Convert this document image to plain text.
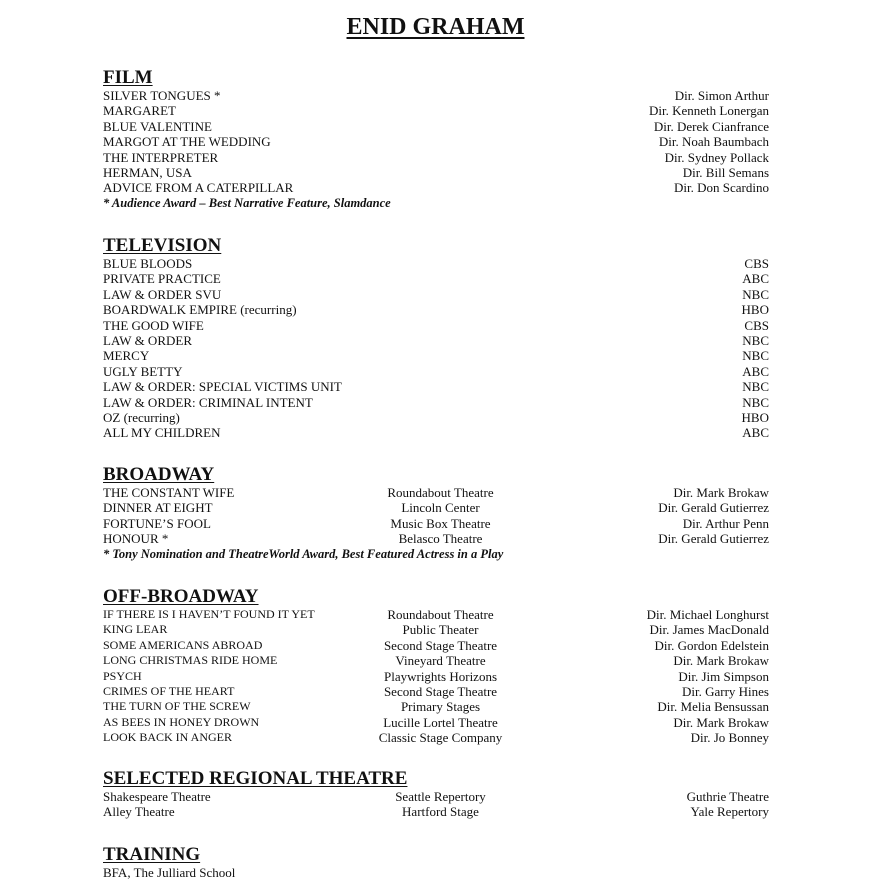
ENID GRAHAM
FILM
SILVER TONGUES *	Dir. Simon Arthur
MARGARET	Dir. Kenneth Lonergan
BLUE VALENTINE	Dir. Derek Cianfrance
MARGOT AT THE WEDDING	Dir. Noah Baumbach
THE INTERPRETER	Dir. Sydney Pollack
HERMAN, USA	Dir. Bill Semans
ADVICE FROM A CATERPILLAR	Dir. Don Scardino
* Audience Award – Best Narrative Feature, Slamdance
TELEVISION
BLUE BLOODS	CBS
PRIVATE PRACTICE	ABC
LAW & ORDER SVU	NBC
BOARDWALK EMPIRE (recurring)	HBO
THE GOOD WIFE	CBS
LAW & ORDER	NBC
MERCY	NBC
UGLY BETTY	ABC
LAW & ORDER: SPECIAL VICTIMS UNIT	NBC
LAW & ORDER: CRIMINAL INTENT	NBC
OZ (recurring)	HBO
ALL MY CHILDREN	ABC
BROADWAY
THE CONSTANT WIFE	Roundabout Theatre	Dir. Mark Brokaw
DINNER AT EIGHT	Lincoln Center	Dir. Gerald Gutierrez
FORTUNE’S FOOL	Music Box Theatre	Dir. Arthur Penn
HONOUR *	Belasco Theatre	Dir. Gerald Gutierrez
* Tony Nomination and TheatreWorld Award, Best Featured Actress in a Play
OFF-BROADWAY
IF THERE IS I HAVEN’T FOUND IT YET	Roundabout Theatre	Dir. Michael Longhurst
KING LEAR	Public Theater	Dir. James MacDonald
SOME AMERICANS ABROAD	Second Stage Theatre	Dir. Gordon Edelstein
LONG CHRISTMAS RIDE HOME	Vineyard Theatre	Dir. Mark Brokaw
PSYCH	Playwrights Horizons	Dir. Jim Simpson
CRIMES OF THE HEART	Second Stage Theatre	Dir. Garry Hines
THE TURN OF THE SCREW	Primary Stages	Dir. Melia Bensussan
AS BEES IN HONEY DROWN	Lucille Lortel Theatre	Dir. Mark Brokaw
LOOK BACK IN ANGER	Classic Stage Company	Dir. Jo Bonney
SELECTED REGIONAL THEATRE
Shakespeare Theatre	Seattle Repertory	Guthrie Theatre
Alley Theatre	Hartford Stage	Yale Repertory
TRAINING
BFA, The Julliard School
